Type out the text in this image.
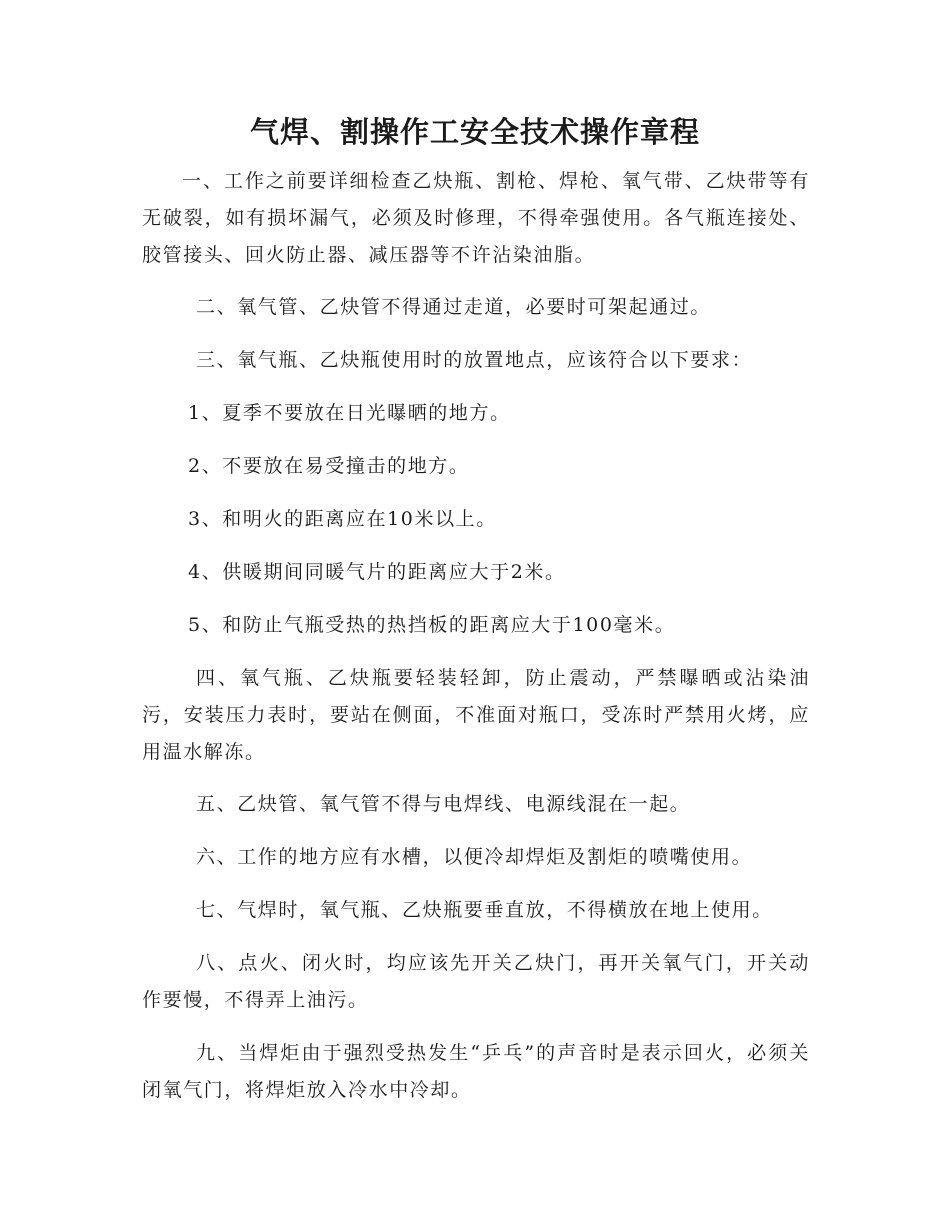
气焊、割操作工安全技术操作章程

一、工作之前要详细检查乙炔瓶、割枪、焊枪、氧气带、乙炔带等有无破裂，如有损坏漏气，必须及时修理，不得牵强使用。各气瓶连接处、胶管接头、回火防止器、减压器等不许沾染油脂。

二、氧气管、乙炔管不得通过走道，必要时可架起通过。

三、氧气瓶、乙炔瓶使用时的放置地点，应该符合以下要求：

1、夏季不要放在日光曝晒的地方。

2、不要放在易受撞击的地方。

3、和明火的距离应在10米以上。

4、供暖期间同暖气片的距离应大于2米。

5、和防止气瓶受热的热挡板的距离应大于100毫米。

四、氧气瓶、乙炔瓶要轻装轻卸，防止震动，严禁曝晒或沾染油污，安装压力表时，要站在侧面，不准面对瓶口，受冻时严禁用火烤，应用温水解冻。

五、乙炔管、氧气管不得与电焊线、电源线混在一起。

六、工作的地方应有水槽，以便冷却焊炬及割炬的喷嘴使用。

七、气焊时，氧气瓶、乙炔瓶要垂直放，不得横放在地上使用。

八、点火、闭火时，均应该先开关乙炔门，再开关氧气门，开关动作要慢，不得弄上油污。

九、当焊炬由于强烈受热发生“乒乓”的声音时是表示回火，必须关闭氧气门，将焊炬放入冷水中冷却。
